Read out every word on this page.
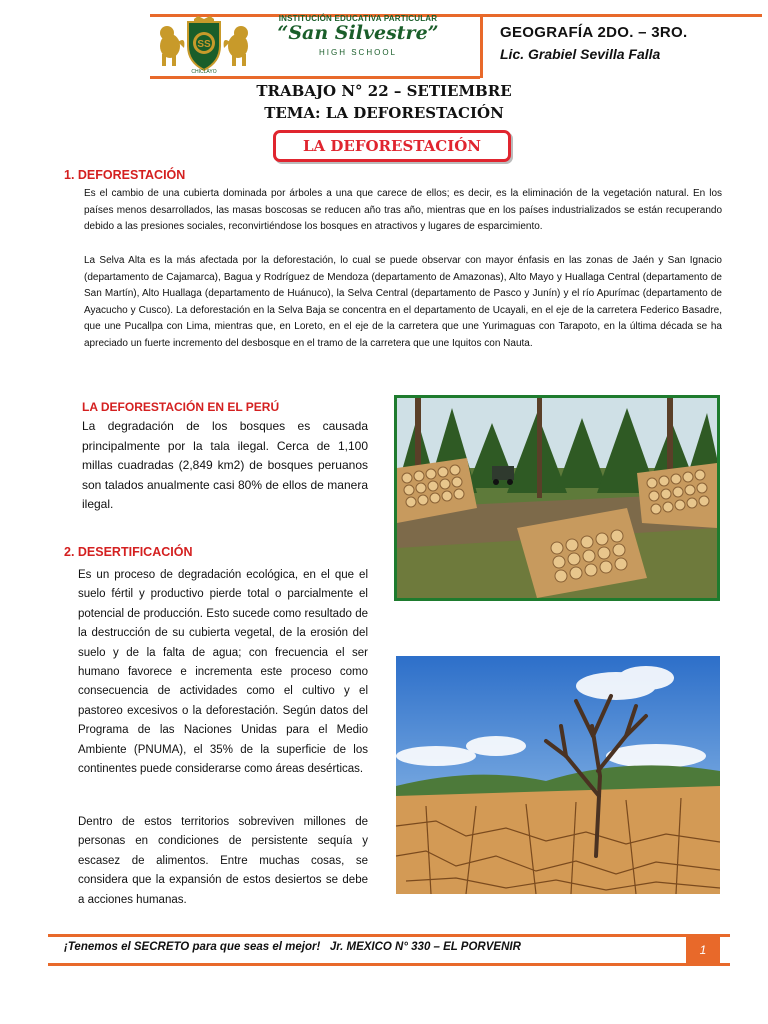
SS
CHICLAYO
INSTITUCIÓN EDUCATIVA PARTICULAR
“San Silvestre”
HIGH SCHOOL
GEOGRAFÍA 2DO. – 3RO.
Lic. Grabiel Sevilla Falla
TRABAJO N° 22 – SETIEMBRE
TEMA: LA DEFORESTACIÓN
LA DEFORESTACIÓN
1. DEFORESTACIÓN
Es el cambio de una cubierta dominada por árboles a una que carece de ellos; es decir, es la eliminación de la vegetación natural. En los países menos desarrollados, las masas boscosas se reducen año tras año, mientras que en los países industrializados se están recuperando debido a las presiones sociales, reconvirtiéndose los bosques en atractivos y lugares de esparcimiento.
La Selva Alta es la más afectada por la deforestación, lo cual se puede observar con mayor énfasis en las zonas de Jaén y San Ignacio (departamento de Cajamarca), Bagua y Rodríguez de Mendoza (departamento de Amazonas), Alto Mayo y Huallaga Central (departamento de San Martín), Alto Huallaga (departamento de Huánuco), la Selva Central (departamento de Pasco y Junín) y el río Apurímac (departamento de Ayacucho y Cusco). La deforestación en la Selva Baja se concentra en el departamento de Ucayali, en el eje de la carretera Federico Basadre, que une Pucallpa con Lima, mientras que, en Loreto, en el eje de la carretera que une Yurimaguas con Tarapoto, en la última década se ha apreciado un fuerte incremento del desbosque en el tramo de la carretera que une Iquitos con Nauta.
LA DEFORESTACIÓN EN EL PERÚ
La degradación de los bosques es causada principalmente por la tala ilegal. Cerca de 1,100 millas cuadradas (2,849 km2) de bosques peruanos son talados anualmente casi 80% de ellos de manera ilegal.
2. DESERTIFICACIÓN
Es un proceso de degradación ecológica, en el que el suelo fértil y productivo pierde total o parcialmente el potencial de producción. Esto sucede como resultado de la destrucción de su cubierta vegetal, de la erosión del suelo y de la falta de agua; con frecuencia el ser humano favorece e incrementa este proceso como consecuencia de actividades como el cultivo y el pastoreo excesivos o la deforestación. Según datos del Programa de las Naciones Unidas para el Medio Ambiente (PNUMA), el 35% de la superficie de los continentes puede considerarse como áreas desérticas.
Dentro de estos territorios sobreviven millones de personas en condiciones de persistente sequía y escasez de alimentos. Entre muchas cosas, se considera que la expansión de estos desiertos se debe a acciones humanas.
¡Tenemos el SECRETO para que seas el mejor!   Jr. MEXICO N° 330 – EL PORVENIR	1
